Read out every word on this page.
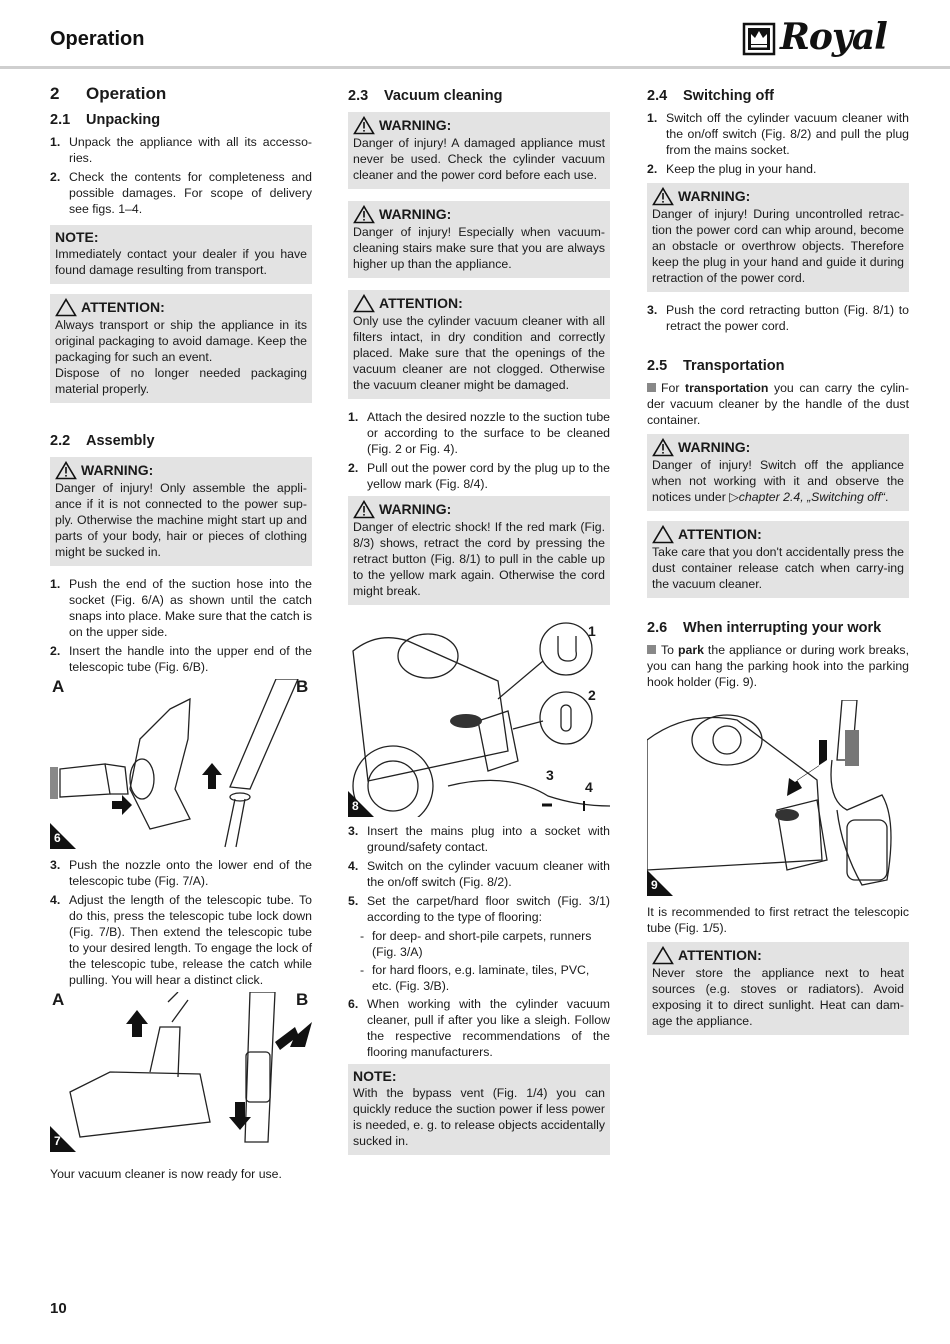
Operation	Royal
2 Operation
2.1 Unpacking
1. Unpack the appliance with all its accesso-ries.
2. Check the contents for completeness and possible damages. For scope of delivery see figs. 1–4.
NOTE:
Immediately contact your dealer if you have found damage resulting from transport.
ATTENTION:
Always transport or ship the appliance in its original packaging to avoid damage. Keep the packaging for such an event.
Dispose of no longer needed packaging material properly.
2.2 Assembly
WARNING:
Danger of injury! Only assemble the appli-ance if it is not connected to the power sup-ply. Otherwise the machine might start up and parts of your body, hair or pieces of clothing might be sucked in.
1. Push the end of the suction hose into the socket (Fig. 6/A) as shown until the catch snaps into place. Make sure that the catch is on the upper side.
2. Insert the handle into the upper end of the telescopic tube (Fig. 6/B).
A	B
6
3. Push the nozzle onto the lower end of the telescopic tube (Fig. 7/A).
4. Adjust the length of the telescopic tube. To do this, press the telescopic tube lock down (Fig. 7/B). Then extend the telescopic tube to your desired length. To engage the lock of the telescopic tube, release the catch while pulling. You will hear a distinct click.
A	B
7
Your vacuum cleaner is now ready for use.
2.3 Vacuum cleaning
WARNING:
Danger of injury! A damaged appliance must never be used. Check the cylinder vacuum cleaner and the power cord before each use.
WARNING:
Danger of injury! Especially when vacuum-cleaning stairs make sure that you are always higher up than the appliance.
ATTENTION:
Only use the cylinder vacuum cleaner with all filters intact, in dry condition and correctly placed. Make sure that the openings of the vacuum cleaner are not clogged. Otherwise the vacuum cleaner might be damaged.
1. Attach the desired nozzle to the suction tube or according to the surface to be cleaned (Fig. 2 or Fig. 4).
2. Pull out the power cord by the plug up to the yellow mark (Fig. 8/4).
WARNING:
Danger of electric shock! If the red mark (Fig. 8/3) shows, retract the cord by pressing the retract button (Fig. 8/1) to pull in the cable up to the yellow mark again. Otherwise the cord might break.
1
2
3
4
8
3. Insert the mains plug into a socket with ground/safety contact.
4. Switch on the cylinder vacuum cleaner with the on/off switch (Fig. 8/2).
5. Set the carpet/hard floor switch (Fig. 3/1) according to the type of flooring:
- for deep- and short-pile carpets, runners (Fig. 3/A)
- for hard floors, e.g. laminate, tiles, PVC, etc. (Fig. 3/B).
6. When working with the cylinder vacuum cleaner, pull if after you like a sleigh. Follow the respective recommendations of the flooring manufacturers.
NOTE:
With the bypass vent (Fig. 1/4) you can quickly reduce the suction power if less power is needed, e. g. to release objects accidentally sucked in.
2.4 Switching off
1. Switch off the cylinder vacuum cleaner with the on/off switch (Fig. 8/2) and pull the plug from the mains socket.
2. Keep the plug in your hand.
WARNING:
Danger of injury! During uncontrolled retrac-tion the power cord can whip around, become an obstacle or overthrow objects. Therefore keep the plug in your hand and guide it during retraction of the power cord.
3. Push the cord retracting button (Fig. 8/1) to retract the power cord.
2.5 Transportation
For transportation you can carry the cylin-der vacuum cleaner by the handle of the dust container.
WARNING:
Danger of injury! Switch off the appliance when not working with it and observe the notices under ▷chapter 2.4, „Switching off“.
ATTENTION:
Take care that you don't accidentally press the dust container release catch when carry-ing the vacuum cleaner.
2.6 When interrupting your work
To park the appliance or during work breaks, you can hang the parking hook into the parking hook holder (Fig. 9).
9
It is recommended to first retract the telescopic tube (Fig. 1/5).
ATTENTION:
Never store the appliance next to heat sources (e.g. stoves or radiators). Avoid exposing it to direct sunlight. Heat can dam-age the appliance.
10
